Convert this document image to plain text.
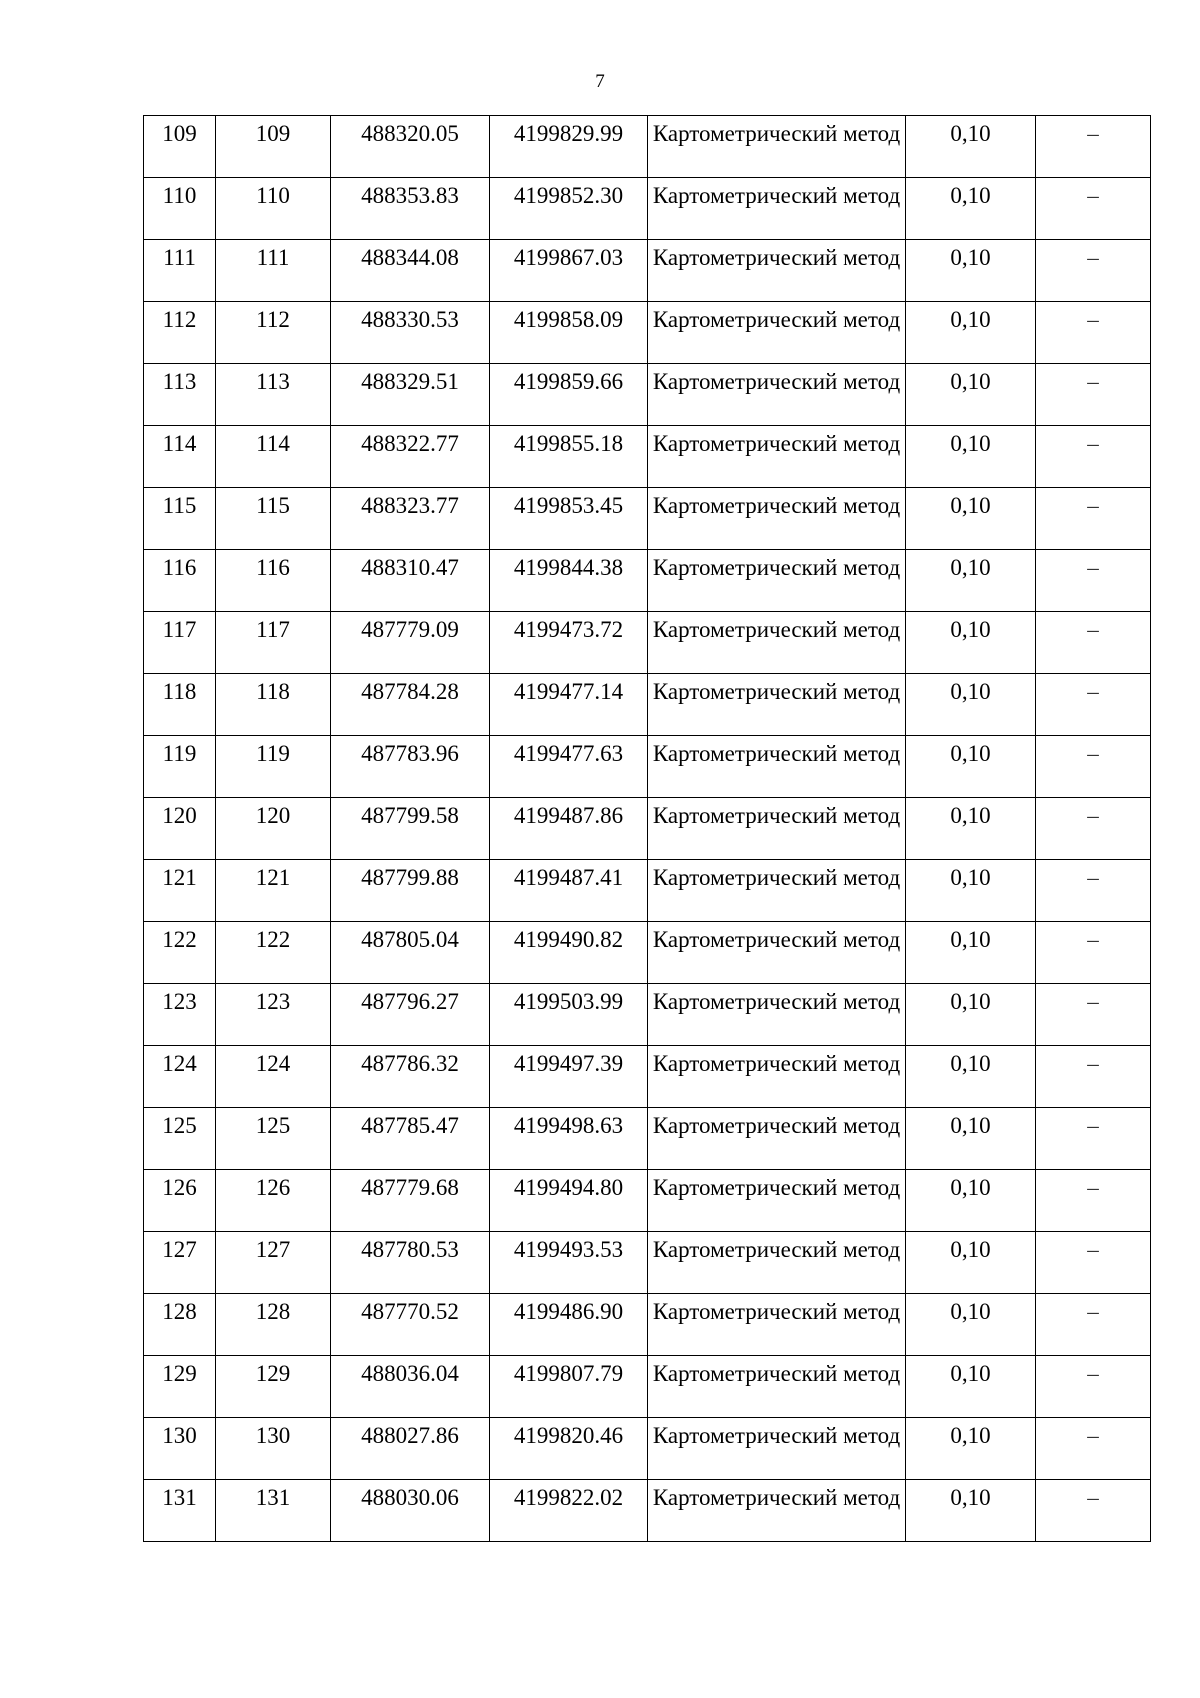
7
109	109	488320.05	4199829.99	Картометрический метод	0,10	–
110	110	488353.83	4199852.30	Картометрический метод	0,10	–
111	111	488344.08	4199867.03	Картометрический метод	0,10	–
112	112	488330.53	4199858.09	Картометрический метод	0,10	–
113	113	488329.51	4199859.66	Картометрический метод	0,10	–
114	114	488322.77	4199855.18	Картометрический метод	0,10	–
115	115	488323.77	4199853.45	Картометрический метод	0,10	–
116	116	488310.47	4199844.38	Картометрический метод	0,10	–
117	117	487779.09	4199473.72	Картометрический метод	0,10	–
118	118	487784.28	4199477.14	Картометрический метод	0,10	–
119	119	487783.96	4199477.63	Картометрический метод	0,10	–
120	120	487799.58	4199487.86	Картометрический метод	0,10	–
121	121	487799.88	4199487.41	Картометрический метод	0,10	–
122	122	487805.04	4199490.82	Картометрический метод	0,10	–
123	123	487796.27	4199503.99	Картометрический метод	0,10	–
124	124	487786.32	4199497.39	Картометрический метод	0,10	–
125	125	487785.47	4199498.63	Картометрический метод	0,10	–
126	126	487779.68	4199494.80	Картометрический метод	0,10	–
127	127	487780.53	4199493.53	Картометрический метод	0,10	–
128	128	487770.52	4199486.90	Картометрический метод	0,10	–
129	129	488036.04	4199807.79	Картометрический метод	0,10	–
130	130	488027.86	4199820.46	Картометрический метод	0,10	–
131	131	488030.06	4199822.02	Картометрический метод	0,10	–
